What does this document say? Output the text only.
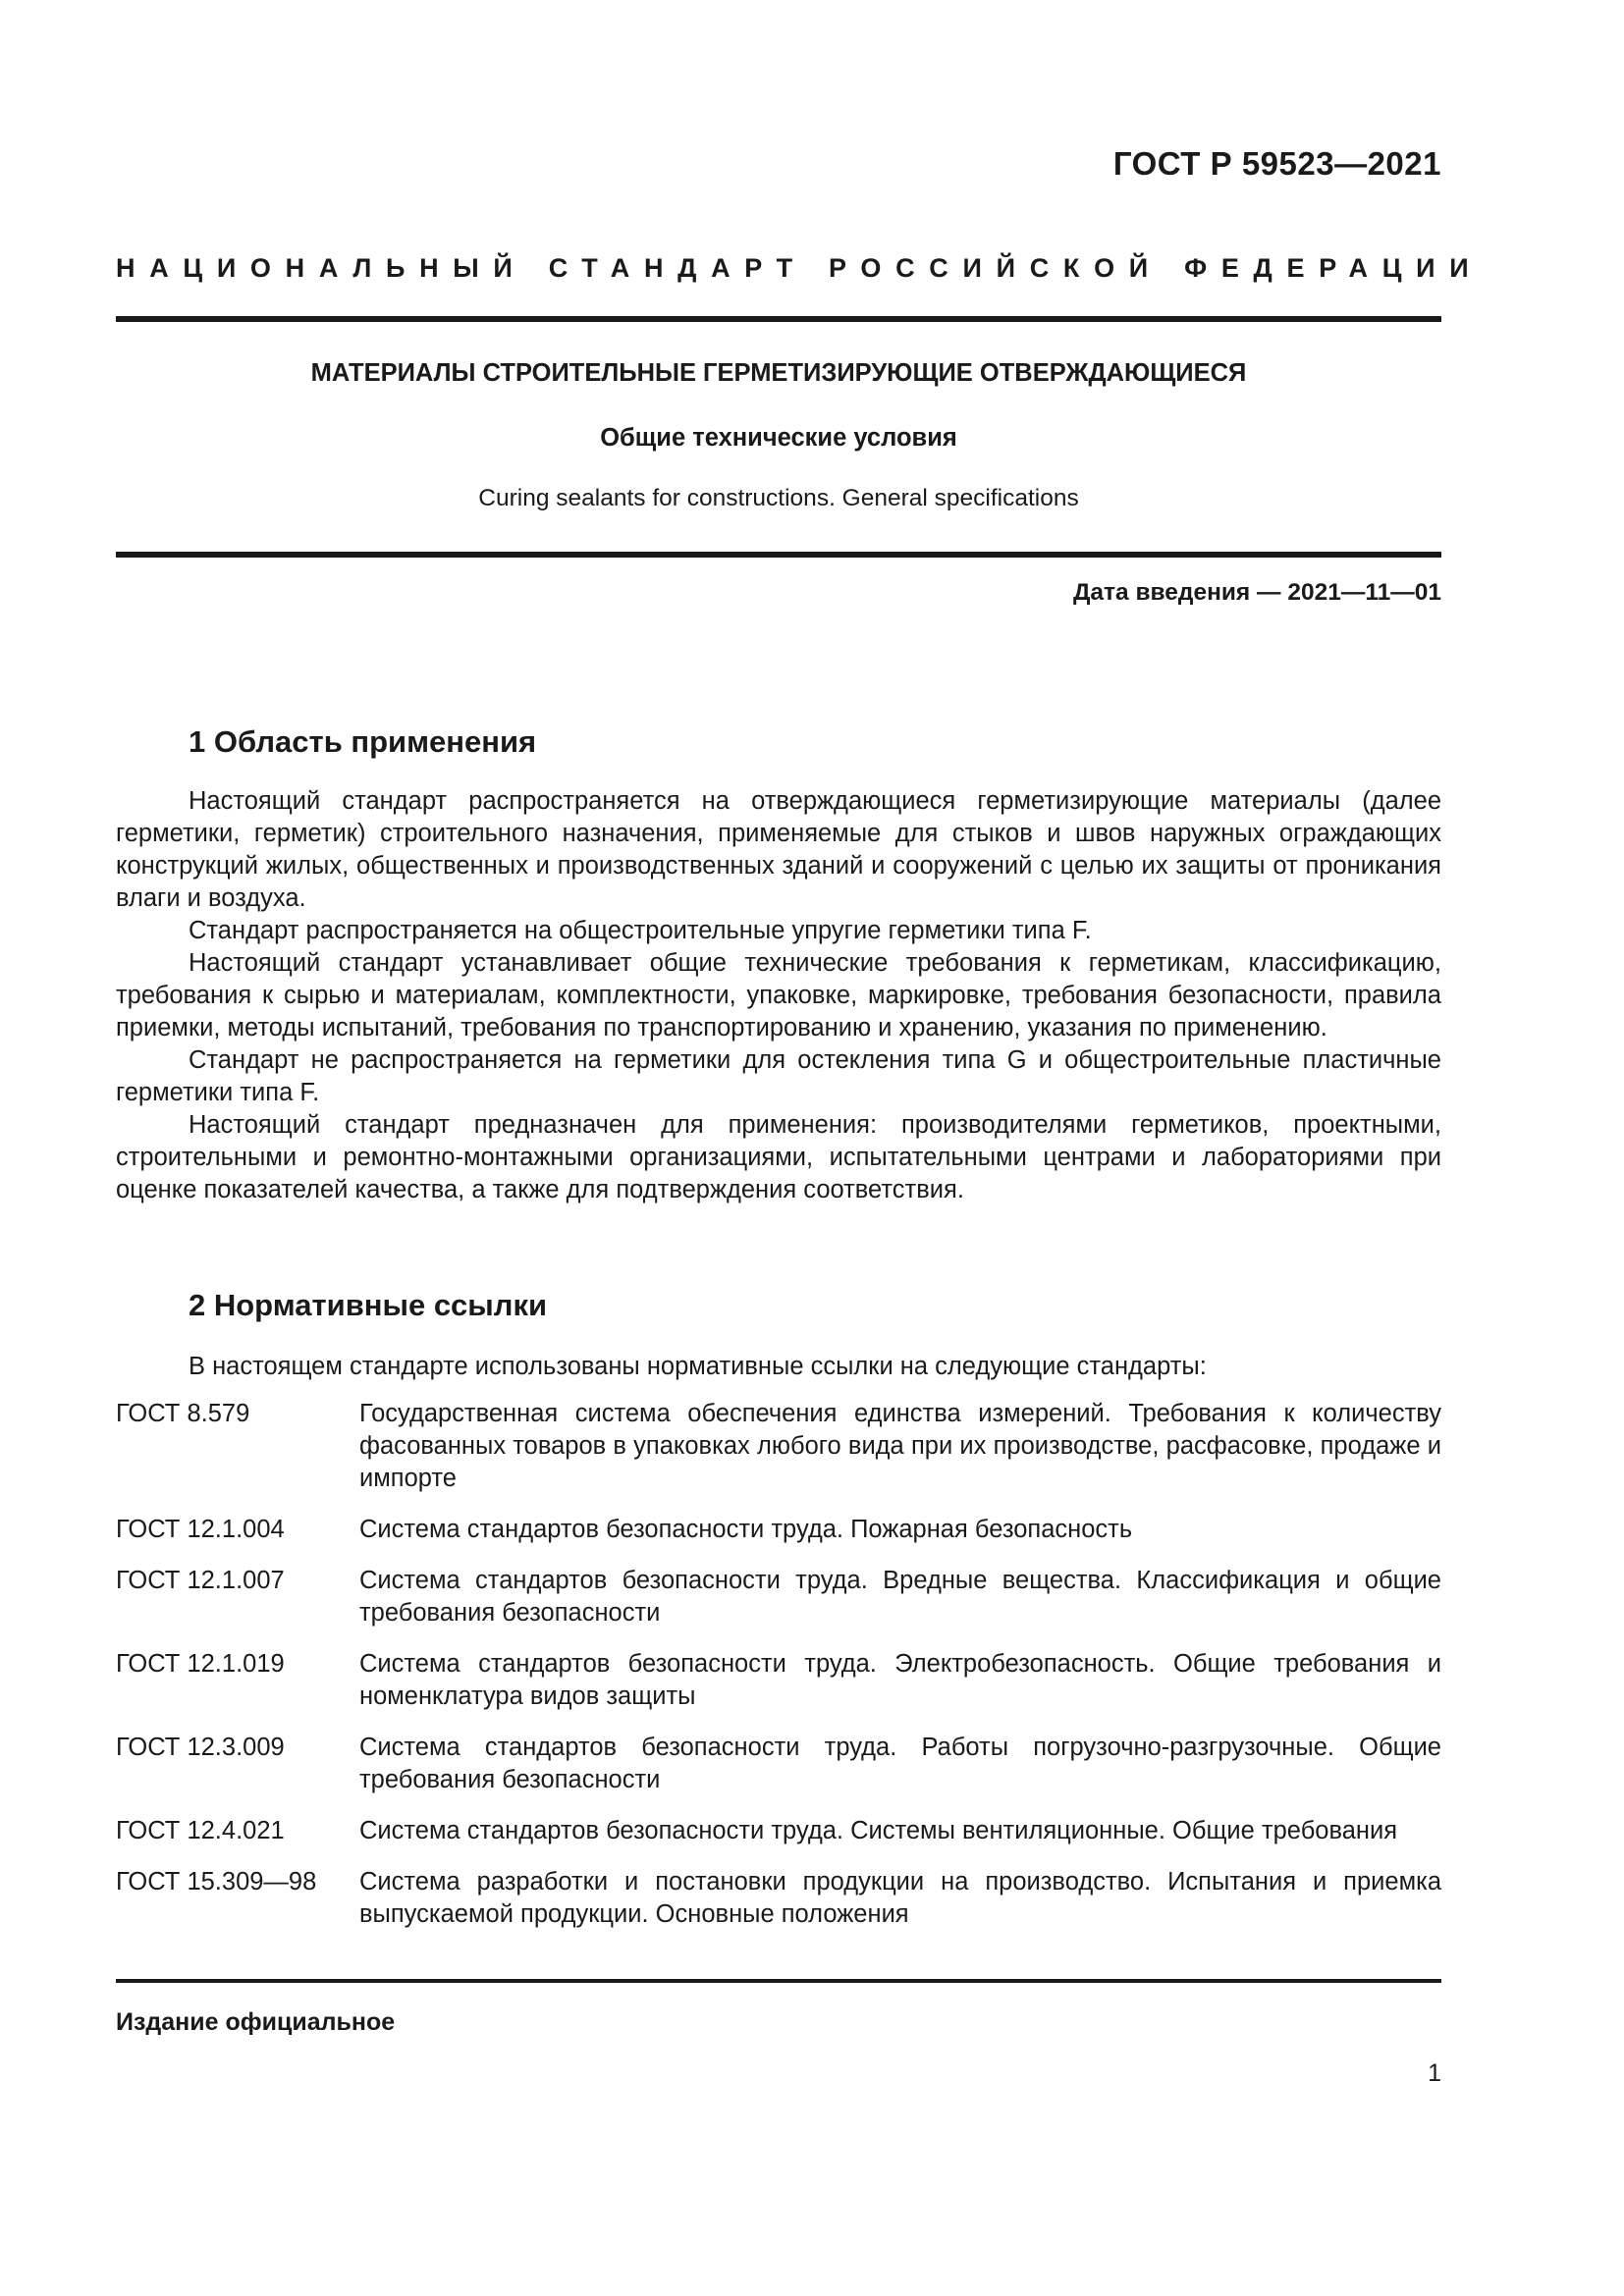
ГОСТ Р 59523—2021
НАЦИОНАЛЬНЫЙ СТАНДАРТ РОССИЙСКОЙ ФЕДЕРАЦИИ
МАТЕРИАЛЫ СТРОИТЕЛЬНЫЕ ГЕРМЕТИЗИРУЮЩИЕ ОТВЕРЖДАЮЩИЕСЯ
Общие технические условия
Curing sealants for constructions. General specifications
Дата введения — 2021—11—01
1 Область применения

Настоящий стандарт распространяется на отверждающиеся герметизирующие материалы (далее герметики, герметик) строительного назначения, применяемые для стыков и швов наружных ограждающих конструкций жилых, общественных и производственных зданий и сооружений с целью их защиты от проникания влаги и воздуха.

Стандарт распространяется на общестроительные упругие герметики типа F.

Настоящий стандарт устанавливает общие технические требования к герметикам, классификацию, требования к сырью и материалам, комплектности, упаковке, маркировке, требования безопасности, правила приемки, методы испытаний, требования по транспортированию и хранению, указания по применению.

Стандарт не распространяется на герметики для остекления типа G и общестроительные пластичные герметики типа F.

Настоящий стандарт предназначен для применения: производителями герметиков, проектными, строительными и ремонтно-монтажными организациями, испытательными центрами и лабораториями при оценке показателей качества, а также для подтверждения соответствия.

2 Нормативные ссылки
В настоящем стандарте использованы нормативные ссылки на следующие стандарты:
ГОСТ 8.579	Государственная система обеспечения единства измерений. Требования к количеству фасованных товаров в упаковках любого вида при их производстве, расфасовке, продаже и импорте
ГОСТ 12.1.004	Система стандартов безопасности труда. Пожарная безопасность
ГОСТ 12.1.007	Система стандартов безопасности труда. Вредные вещества. Классификация и общие требования безопасности
ГОСТ 12.1.019	Система стандартов безопасности труда. Электробезопасность. Общие требования и номенклатура видов защиты
ГОСТ 12.3.009	Система стандартов безопасности труда. Работы погрузочно-разгрузочные. Общие требования безопасности
ГОСТ 12.4.021	Система стандартов безопасности труда. Системы вентиляционные. Общие требования
ГОСТ 15.309—98	Система разработки и постановки продукции на производство. Испытания и приемка выпускаемой продукции. Основные положения
Издание официальное
1
